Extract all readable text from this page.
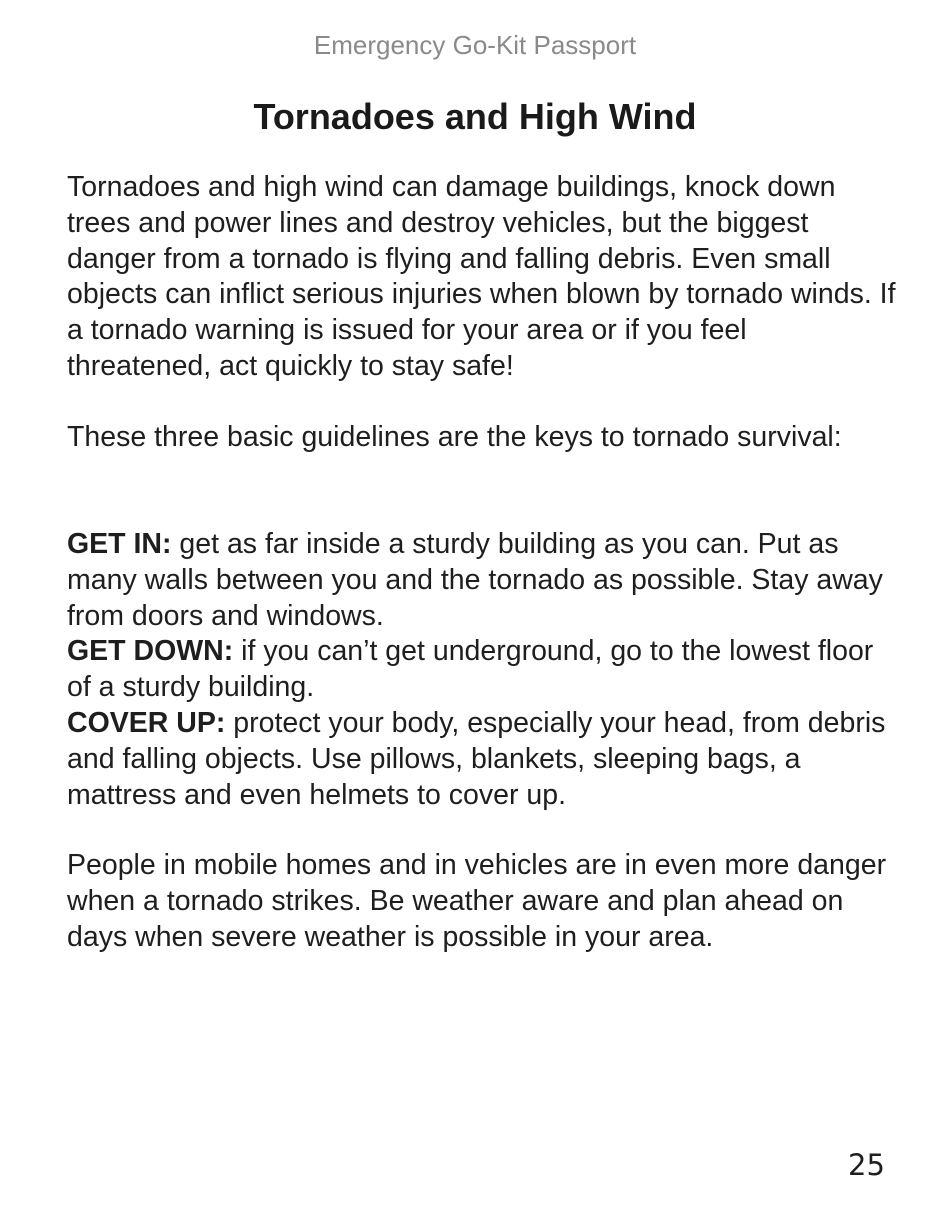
Emergency Go-Kit Passport
Tornadoes and High Wind

Tornadoes and high wind can damage buildings, knock down trees and power lines and destroy vehicles, but the biggest danger from a tornado is flying and falling debris. Even small objects can inflict serious injuries when blown by tornado winds. If a tornado warning is issued for your area or if you feel threatened, act quickly to stay safe!

These three basic guidelines are the keys to tornado survival:

GET IN: get as far inside a sturdy building as you can. Put as many walls between you and the tornado as possible. Stay away from doors and windows.

GET DOWN: if you can’t get underground, go to the lowest floor of a sturdy building.

COVER UP: protect your body, especially your head, from debris and falling objects. Use pillows, blankets, sleeping bags, a mattress and even helmets to cover up.

People in mobile homes and in vehicles are in even more danger when a tornado strikes. Be weather aware and plan ahead on days when severe weather is possible in your area.

25
